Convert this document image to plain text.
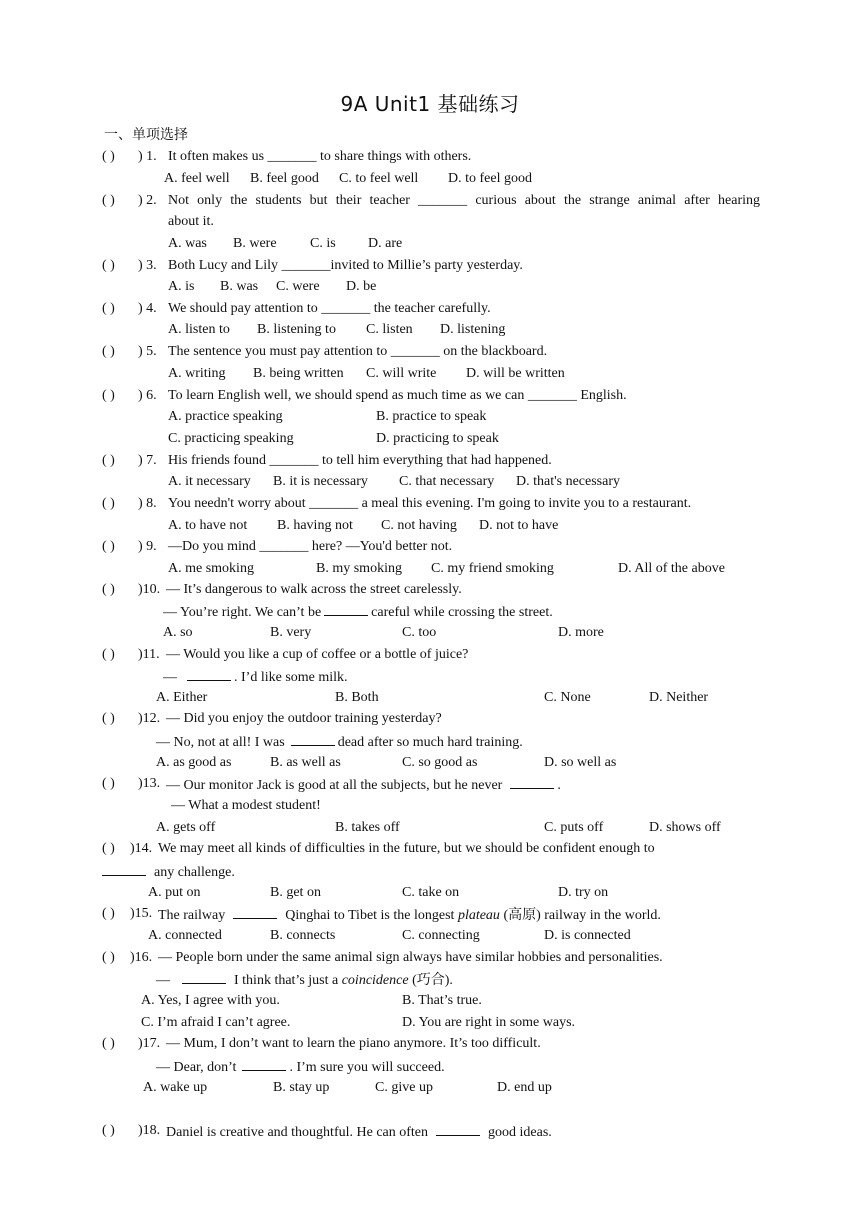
9A Unit1 基础练习
一、单项选择
( ) ) 1. It often makes us _______ to share things with others.
A. feel well B. feel good C. to feel well D. to feel good
( ) ) 2. Not only the students but their teacher _______ curious about the strange animal after hearing
about it.
A. was B. were C. is D. are
( ) ) 3. Both Lucy and Lily _______invited to Millie’s party yesterday.
A. is B. was C. were D. be
( ) ) 4. We should pay attention to _______ the teacher carefully.
A. listen to B. listening to C. listen D. listening
( ) ) 5. The sentence you must pay attention to _______ on the blackboard.
A. writing B. being written C. will write D. will be written
( ) ) 6. To learn English well, we should spend as much time as we can _______ English.
A. practice speaking	B. practice to speak
C. practicing speaking	D. practicing to speak
( ) ) 7. His friends found _______ to tell him everything that had happened.
A. it necessary B. it is necessary C. that necessary D. that's necessary
( ) ) 8. You needn't worry about _______ a meal this evening. I'm going to invite you to a restaurant.
A. to have not B. having not C. not having D. not to have
( ) ) 9. —Do you mind _______ here? —You'd better not.
A. me smoking	B. my smoking C. my friend smoking	D. All of the above
( ) )10. — It’s dangerous to walk across the street carelessly.
— You’re right. We can’t be	careful while crossing the street.
A. so	B. very	C. too	D. more
( ) )11. — Would you like a cup of coffee or a bottle of juice?
—	. I’d like some milk.
A. Either	B. Both	C. None	D. Neither
( ) )12. — Did you enjoy the outdoor training yesterday?
— No, not at all! I was	dead after so much hard training.
A. as good as	B. as well as	C. so good as	D. so well as
( ) )13. — Our monitor Jack is good at all the subjects, but he never	.
— What a modest student!
A. gets off	B. takes off	C. puts off	D. shows off
( ) )14. We may meet all kinds of difficulties in the future, but we should be confident enough to
any challenge.
A. put on	B. get on	C. take on	D. try on
( ) )15. The railway	Qinghai to Tibet is the longest plateau (高原) railway in the world.
A. connected	B. connects	C. connecting	D. is connected
( ) )16. — People born under the same animal sign always have similar hobbies and personalities.
—	I think that’s just a coincidence (巧合).
A. Yes, I agree with you.	B. That’s true.
C. I’m afraid I can’t agree.	D. You are right in some ways.
( ) )17. — Mum, I don’t want to learn the piano anymore. It’s too difficult.
— Dear, don’t	. I’m sure you will succeed.
A. wake up	B. stay up	C. give up	D. end up
( ) )18. Daniel is creative and thoughtful. He can often	good ideas.
